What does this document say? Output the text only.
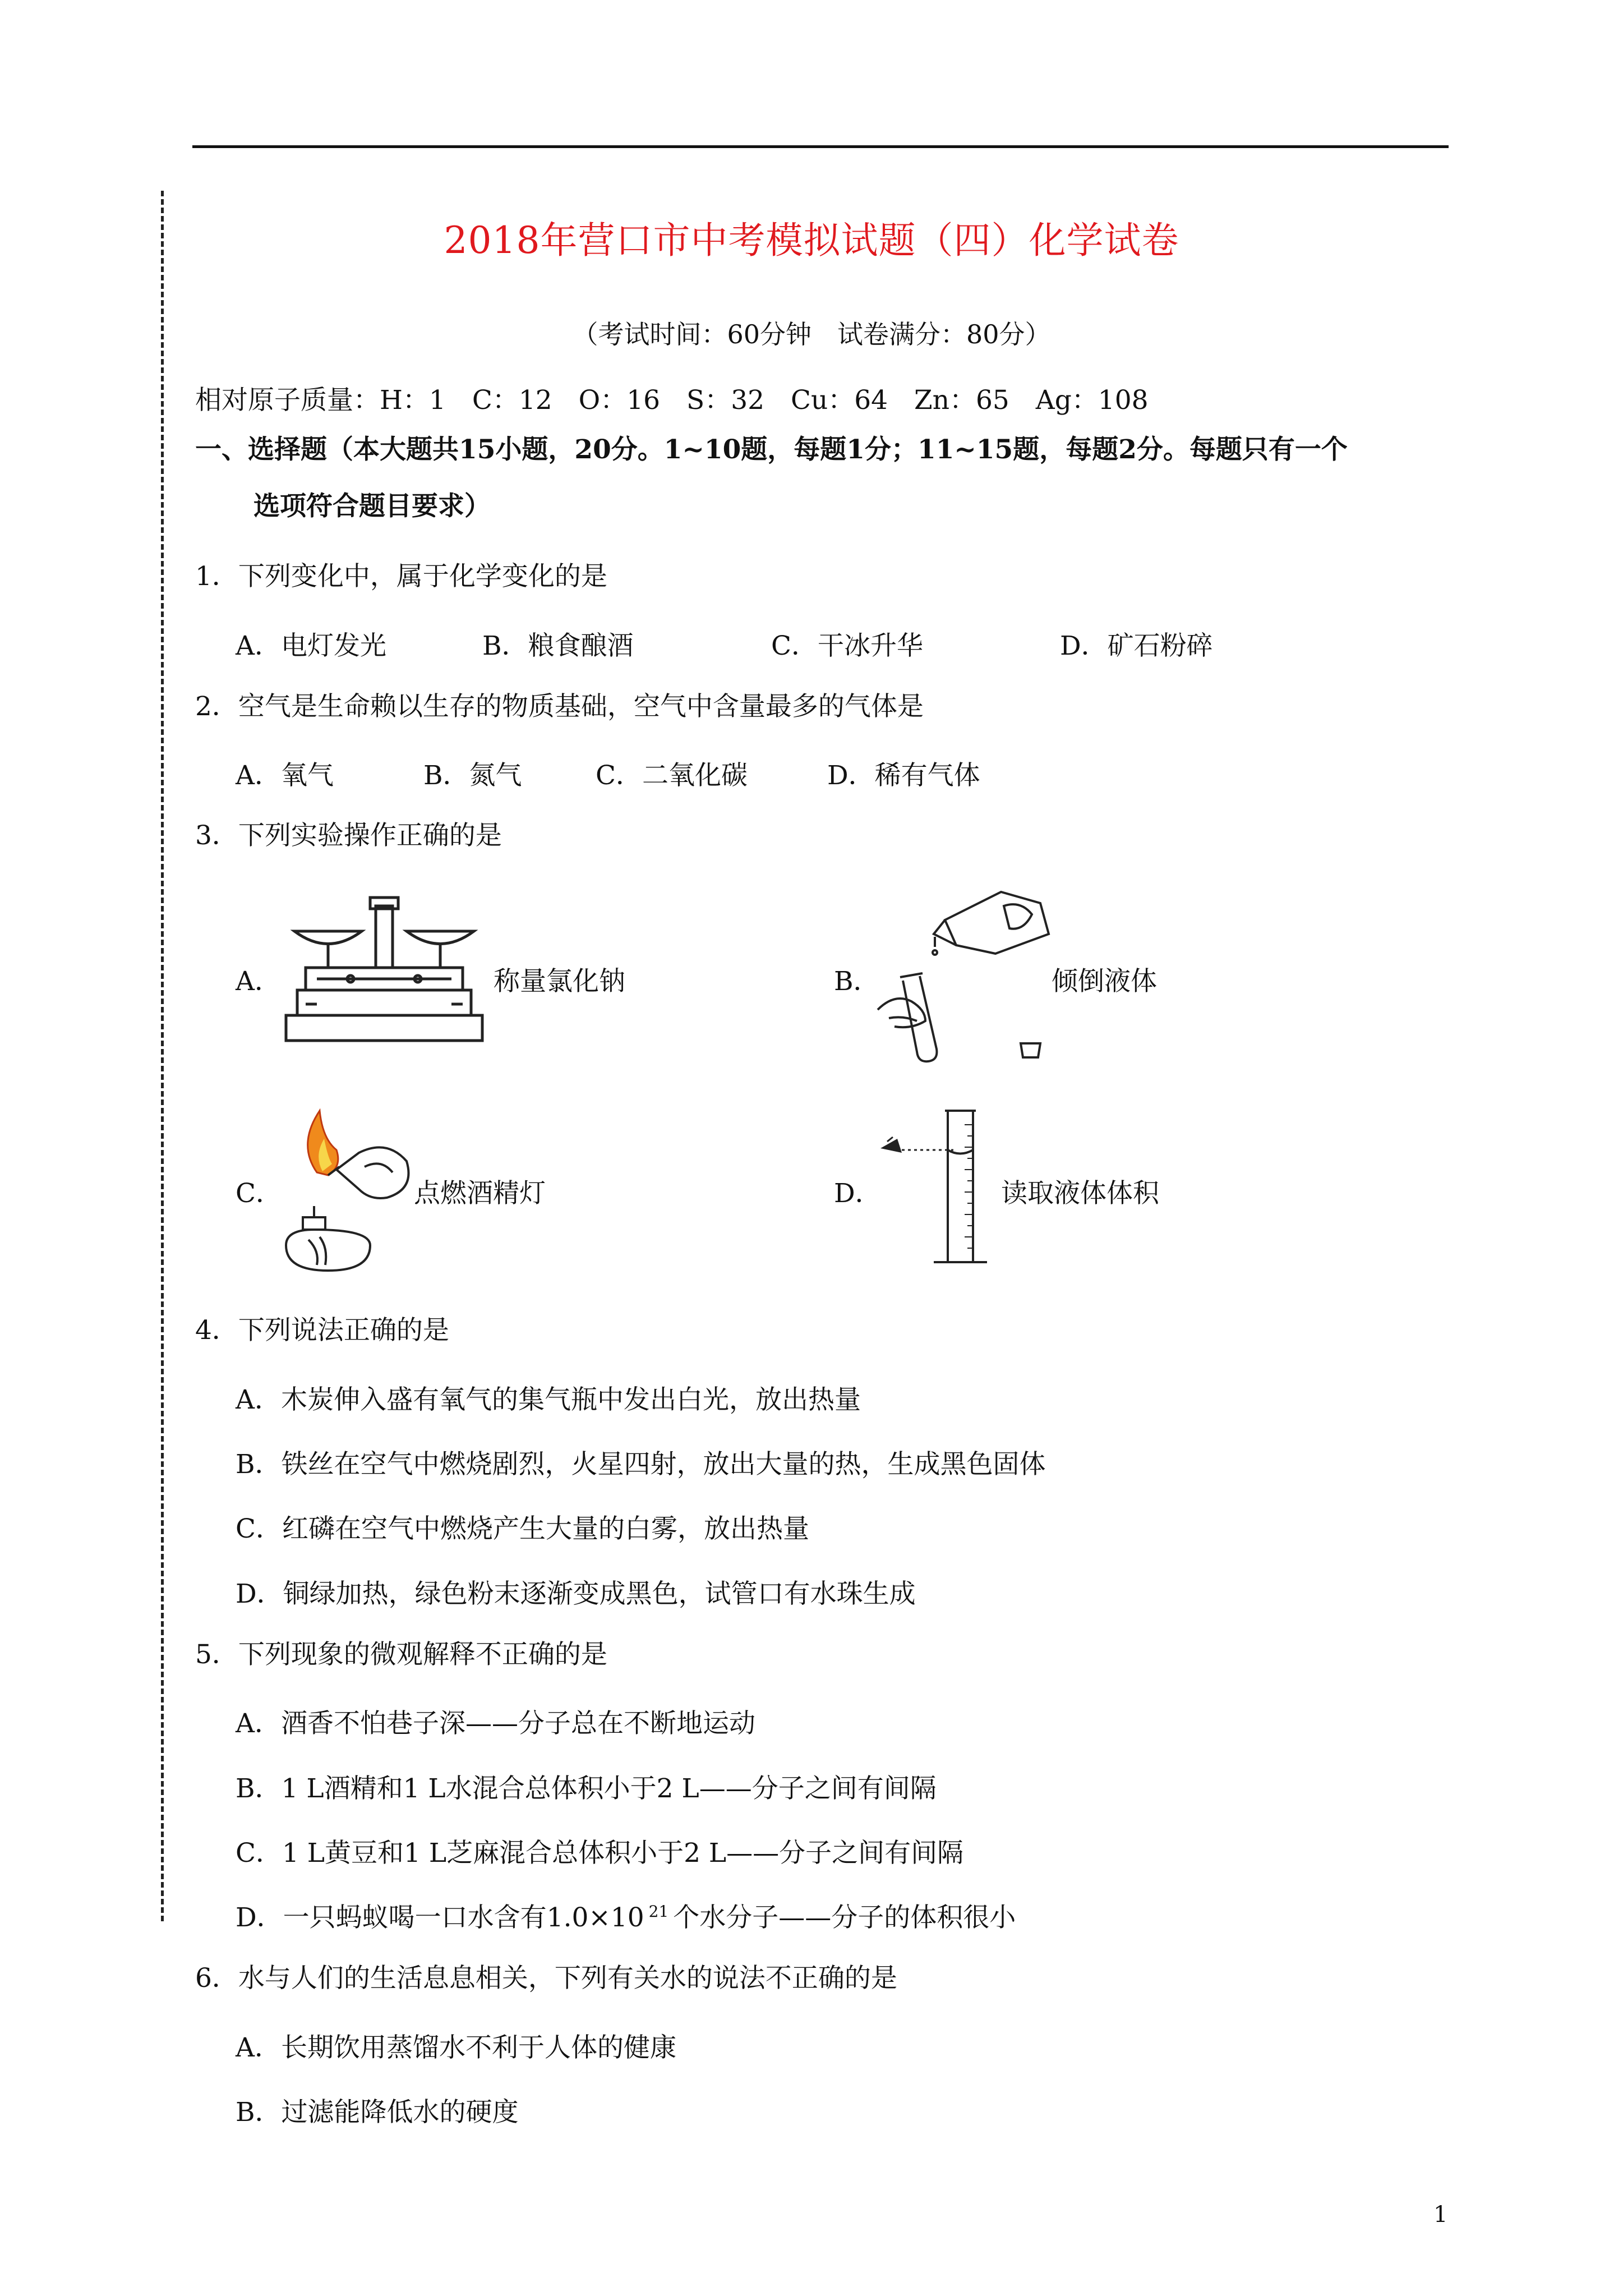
2018年营口市中考模拟试题（四）化学试卷
（考试时间：60分钟　试卷满分：80分）
相对原子质量：H：1　C：12　O：16　S：32　Cu：64　Zn：65　Ag：108
一、选择题（本大题共15小题，20分。1~10题，每题1分；11~15题，每题2分。每题只有一个
选项符合题目要求）
1．下列变化中，属于化学变化的是
A．电灯发光	B．粮食酿酒	C．干冰升华	D．矿石粉碎
2．空气是生命赖以生存的物质基础，空气中含量最多的气体是
A．氧气	B．氮气	C．二氧化碳	D．稀有气体
3．下列实验操作正确的是
A．	称量氯化钠	B．	倾倒液体
C．	点燃酒精灯	D．	读取液体体积
4．下列说法正确的是
A．木炭伸入盛有氧气的集气瓶中发出白光，放出热量
B．铁丝在空气中燃烧剧烈，火星四射，放出大量的热，生成黑色固体
C．红磷在空气中燃烧产生大量的白雾，放出热量
D．铜绿加热，绿色粉末逐渐变成黑色，试管口有水珠生成
5．下列现象的微观解释不正确的是
A．酒香不怕巷子深——分子总在不断地运动
B．1 L酒精和1 L水混合总体积小于2 L——分子之间有间隔
C．1 L黄豆和1 L芝麻混合总体积小于2 L——分子之间有间隔
D．一只蚂蚁喝一口水含有1.0×10 $^{21}$ 个水分子——分子的体积很小
6．水与人们的生活息息相关，下列有关水的说法不正确的是
A．长期饮用蒸馏水不利于人体的健康
B．过滤能降低水的硬度
1
